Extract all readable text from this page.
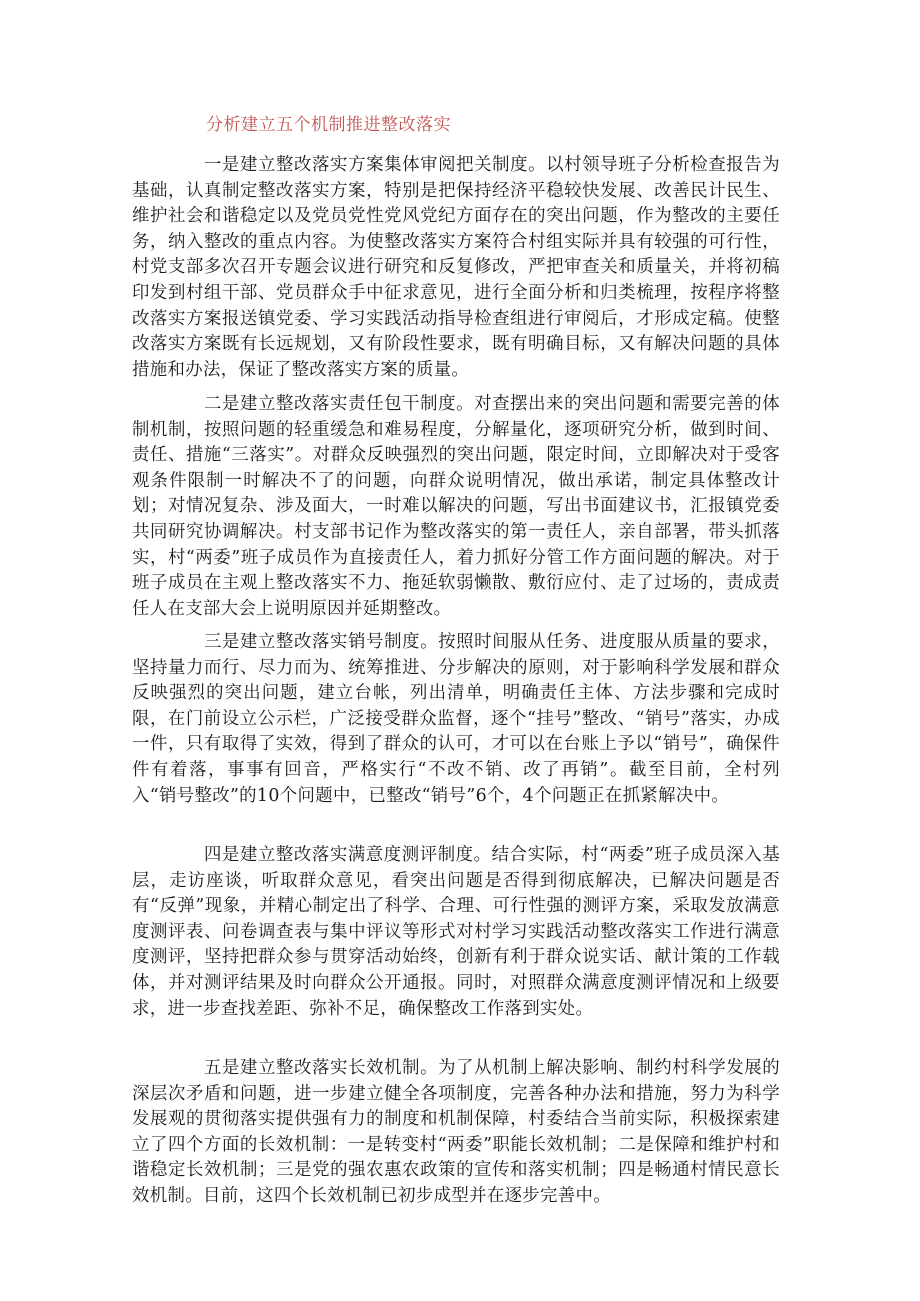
分析建立五个机制推进整改落实

一是建立整改落实方案集体审阅把关制度。以村领导班子分析检查报告为基础，认真制定整改落实方案，特别是把保持经济平稳较快发展、改善民计民生、维护社会和谐稳定以及党员党性党风党纪方面存在的突出问题，作为整改的主要任务，纳入整改的重点内容。为使整改落实方案符合村组实际并具有较强的可行性，村党支部多次召开专题会议进行研究和反复修改，严把审查关和质量关，并将初稿印发到村组干部、党员群众手中征求意见，进行全面分析和归类梳理，按程序将整改落实方案报送镇党委、学习实践活动指导检查组进行审阅后，才形成定稿。使整改落实方案既有长远规划，又有阶段性要求，既有明确目标，又有解决问题的具体措施和办法，保证了整改落实方案的质量。

二是建立整改落实责任包干制度。对查摆出来的突出问题和需要完善的体制机制，按照问题的轻重缓急和难易程度，分解量化，逐项研究分析，做到时间、责任、措施“三落实”。对群众反映强烈的突出问题，限定时间，立即解决对于受客观条件限制一时解决不了的问题，向群众说明情况，做出承诺，制定具体整改计划；对情况复杂、涉及面大，一时难以解决的问题，写出书面建议书，汇报镇党委共同研究协调解决。村支部书记作为整改落实的第一责任人，亲自部署，带头抓落实，村“两委”班子成员作为直接责任人，着力抓好分管工作方面问题的解决。对于班子成员在主观上整改落实不力、拖延软弱懒散、敷衍应付、走了过场的，责成责任人在支部大会上说明原因并延期整改。

三是建立整改落实销号制度。按照时间服从任务、进度服从质量的要求，坚持量力而行、尽力而为、统筹推进、分步解决的原则，对于影响科学发展和群众反映强烈的突出问题，建立台帐，列出清单，明确责任主体、方法步骤和完成时限，在门前设立公示栏，广泛接受群众监督，逐个“挂号”整改、“销号”落实，办成一件，只有取得了实效，得到了群众的认可，才可以在台账上予以“销号”，确保件件有着落，事事有回音，严格实行“不改不销、改了再销”。截至目前，全村列入“销号整改”的10个问题中，已整改“销号”6个，4个问题正在抓紧解决中。

四是建立整改落实满意度测评制度。结合实际，村“两委”班子成员深入基层，走访座谈，听取群众意见，看突出问题是否得到彻底解决，已解决问题是否有“反弹”现象，并精心制定出了科学、合理、可行性强的测评方案，采取发放满意度测评表、问卷调查表与集中评议等形式对村学习实践活动整改落实工作进行满意度测评，坚持把群众参与贯穿活动始终，创新有利于群众说实话、献计策的工作载体，并对测评结果及时向群众公开通报。同时，对照群众满意度测评情况和上级要求，进一步查找差距、弥补不足，确保整改工作落到实处。

五是建立整改落实长效机制。为了从机制上解决影响、制约村科学发展的深层次矛盾和问题，进一步建立健全各项制度，完善各种办法和措施，努力为科学发展观的贯彻落实提供强有力的制度和机制保障，村委结合当前实际，积极探索建立了四个方面的长效机制：一是转变村“两委”职能长效机制；二是保障和维护村和谐稳定长效机制；三是党的强农惠农政策的宣传和落实机制；四是畅通村情民意长效机制。目前，这四个长效机制已初步成型并在逐步完善中。
